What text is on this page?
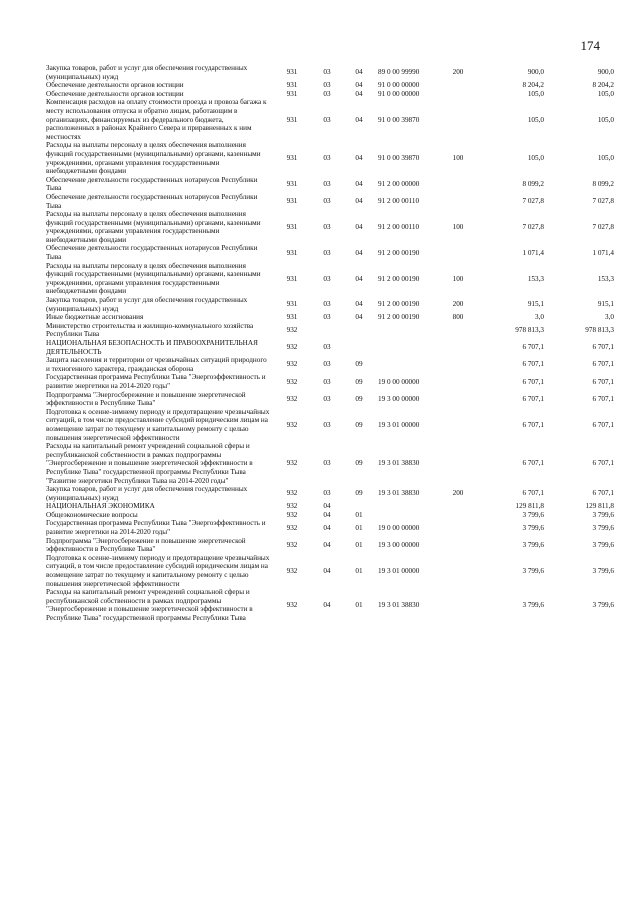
174
Закупка товаров, работ и услуг для обеспечения государственных (муниципальных) нужд	931	03	04	89 0 00 99990	200	900,0	900,0
Обеспечение деятельности органов юстиции	931	03	04	91 0 00 00000		8 204,2	8 204,2
Обеспечение деятельности органов юстиции	931	03	04	91 0 00 00000		105,0	105,0
Компенсация расходов на оплату стоимости проезда и провоза багажа к месту использования отпуска и обратно лицам, работающим в организациях, финансируемых из федерального бюджета, расположенных в районах Крайнего Севера и приравненных к ним местностях	931	03	04	91 0 00 39870		105,0	105,0
Расходы на выплаты персоналу в целях обеспечения выполнения функций государственными (муниципальными) органами, казенными учреждениями, органами управления государственными внебюджетными фондами	931	03	04	91 0 00 39870	100	105,0	105,0
Обеспечение деятельности государственных нотариусов Республики Тыва	931	03	04	91 2 00 00000		8 099,2	8 099,2
Обеспечение деятельности государственных нотариусов Республики Тыва	931	03	04	91 2 00 00110		7 027,8	7 027,8
Расходы на выплаты персоналу в целях обеспечения выполнения функций государственными (муниципальными) органами, казенными учреждениями, органами управления государственными внебюджетными фондами	931	03	04	91 2 00 00110	100	7 027,8	7 027,8
Обеспечение деятельности государственных нотариусов Республики Тыва	931	03	04	91 2 00 00190		1 071,4	1 071,4
Расходы на выплаты персоналу в целях обеспечения выполнения функций государственными (муниципальными) органами, казенными учреждениями, органами управления государственными внебюджетными фондами	931	03	04	91 2 00 00190	100	153,3	153,3
Закупка товаров, работ и услуг для обеспечения государственных (муниципальных) нужд	931	03	04	91 2 00 00190	200	915,1	915,1
Иные бюджетные ассигнования	931	03	04	91 2 00 00190	800	3,0	3,0
Министерство строительства и жилищно-коммунального хозяйства Республики Тыва	932					978 813,3	978 813,3
НАЦИОНАЛЬНАЯ БЕЗОПАСНОСТЬ И ПРАВООХРАНИТЕЛЬНАЯ ДЕЯТЕЛЬНОСТЬ	932	03				6 707,1	6 707,1
Защита населения и территории от чрезвычайных ситуаций природного и техногенного характера, гражданская оборона	932	03	09			6 707,1	6 707,1
Государственная программа Республики Тыва "Энергоэффективность и развитие энергетики на 2014-2020 годы"	932	03	09	19 0 00 00000		6 707,1	6 707,1
Подпрограмма "Энергосбережение и повышение энергетической эффективности в Республике Тыва"	932	03	09	19 3 00 00000		6 707,1	6 707,1
Подготовка к осенне-зимнему периоду и предотвращение чрезвычайных ситуаций, в том числе предоставление субсидий юридическим лицам на возмещение затрат по текущему и капитальному ремонту с целью повышения энергетической эффективности	932	03	09	19 3 01 00000		6 707,1	6 707,1
Расходы на капитальный ремонт учреждений социальной сферы и республиканской собственности в рамках подпрограммы "Энергосбережение и повышение энергетической эффективности в Республике Тыва" государственной программы Республики Тыва "Развитие энергетики Республики Тыва на 2014-2020 годы"	932	03	09	19 3 01 38830		6 707,1	6 707,1
Закупка товаров, работ и услуг для обеспечения государственных (муниципальных) нужд	932	03	09	19 3 01 38830	200	6 707,1	6 707,1
НАЦИОНАЛЬНАЯ ЭКОНОМИКА	932	04				129 811,8	129 811,8
Общеэкономические вопросы	932	04	01			3 799,6	3 799,6
Государственная программа Республики Тыва "Энергоэффективность и развитие энергетики на 2014-2020 годы"	932	04	01	19 0 00 00000		3 799,6	3 799,6
Подпрограмма "Энергосбережение и повышение энергетической эффективности в Республике Тыва"	932	04	01	19 3 00 00000		3 799,6	3 799,6
Подготовка к осенне-зимнему периоду и предотвращение чрезвычайных ситуаций, в том числе предоставление субсидий юридическим лицам на возмещение затрат по текущему и капитальному ремонту с целью повышения энергетической эффективности	932	04	01	19 3 01 00000		3 799,6	3 799,6
Расходы на капитальный ремонт учреждений социальной сферы и республиканской собственности в рамках подпрограммы "Энергосбережение и повышение энергетической эффективности в Республике Тыва" государственной программы Республики Тыва	932	04	01	19 3 01 38830		3 799,6	3 799,6
